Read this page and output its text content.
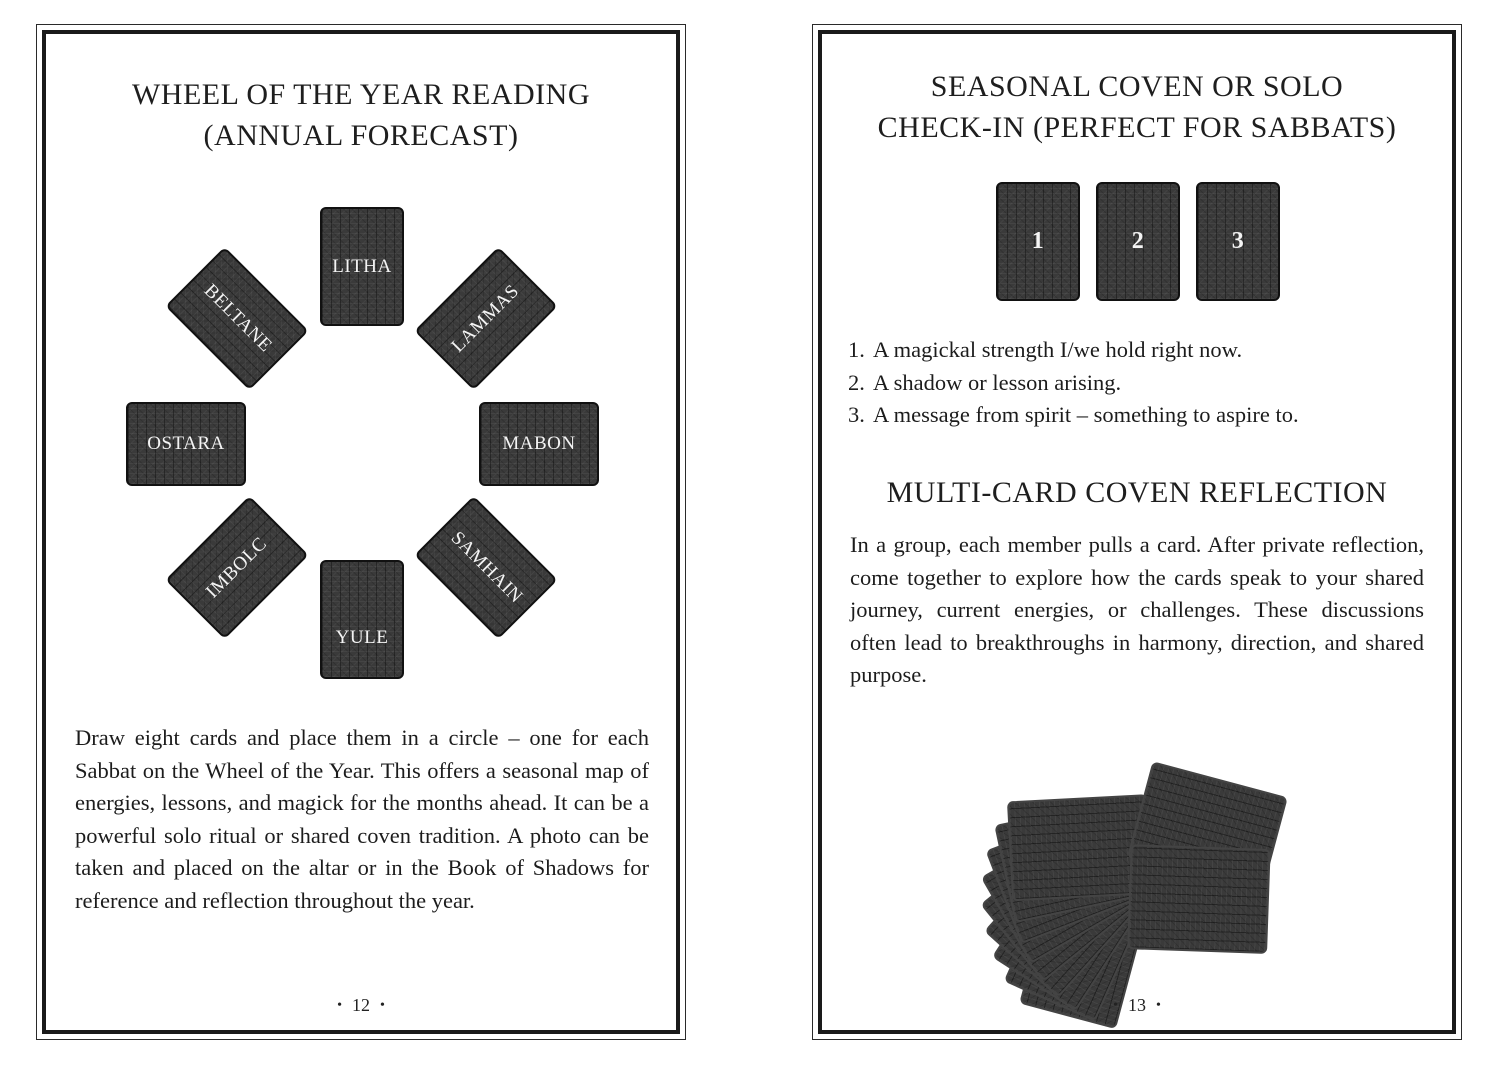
WHEEL OF THE YEAR READING
(ANNUAL FORECAST)
LITHA
LAMMAS
MABON
SAMHAIN
YULE
IMBOLC
OSTARA
BELTANE

Draw eight cards and place them in a circle – one for each Sabbat on the Wheel of the Year. This offers a seasonal map of energies, lessons, and magick for the months ahead. It can be a powerful solo ritual or shared coven tradition. A photo can be taken and placed on the altar or in the Book of Shadows for reference and reflection throughout the year.

• 12 •
SEASONAL COVEN OR SOLO
CHECK-IN (PERFECT FOR SABBATS)
1	2	3
1. A magickal strength I/we hold right now.
2. A shadow or lesson arising.
3. A message from spirit – something to aspire to.
MULTI-CARD COVEN REFLECTION

In a group, each member pulls a card. After private reflection, come together to explore how the cards speak to your shared journey, current energies, or challenges. These discussions often lead to breakthroughs in harmony, direction, and shared purpose.

• 13 •
